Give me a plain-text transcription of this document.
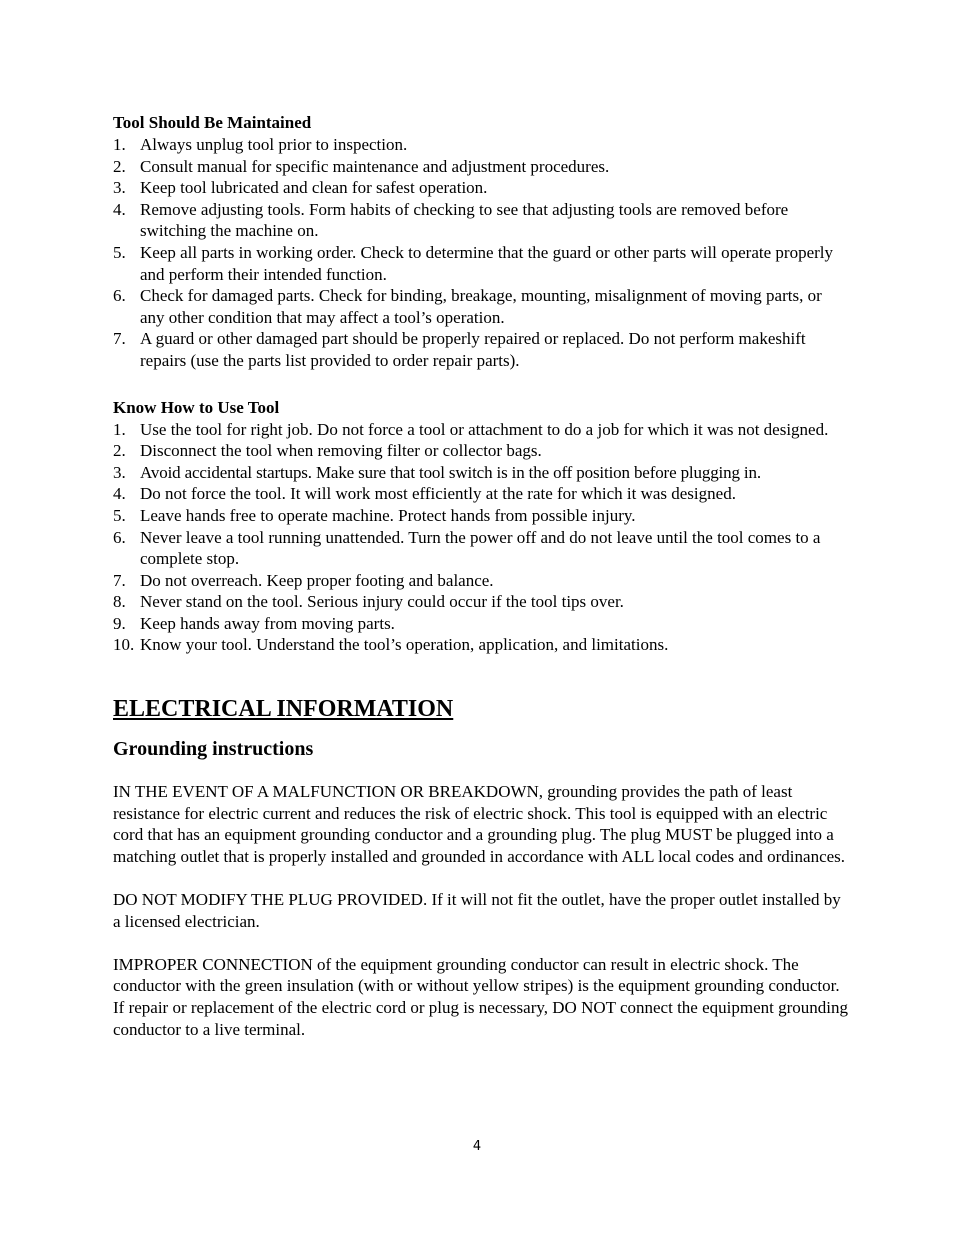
Tool Should Be Maintained
1. Always unplug tool prior to inspection.
2. Consult manual for specific maintenance and adjustment procedures.
3. Keep tool lubricated and clean for safest operation.
4. Remove adjusting tools. Form habits of checking to see that adjusting tools are removed before switching the machine on.
5. Keep all parts in working order. Check to determine that the guard or other parts will operate properly and perform their intended function.
6. Check for damaged parts. Check for binding, breakage, mounting, misalignment of moving parts, or any other condition that may affect a tool’s operation.
7. A guard or other damaged part should be properly repaired or replaced. Do not perform makeshift repairs (use the parts list provided to order repair parts).
Know How to Use Tool
1. Use the tool for right job. Do not force a tool or attachment to do a job for which it was not designed.
2. Disconnect the tool when removing filter or collector bags.
3. Avoid accidental startups. Make sure that tool switch is in the off position before plugging in.
4. Do not force the tool. It will work most efficiently at the rate for which it was designed.
5. Leave hands free to operate machine. Protect hands from possible injury.
6. Never leave a tool running unattended. Turn the power off and do not leave until the tool comes to a complete stop.
7. Do not overreach. Keep proper footing and balance.
8. Never stand on the tool. Serious injury could occur if the tool tips over.
9. Keep hands away from moving parts.
10. Know your tool. Understand the tool’s operation, application, and limitations.
ELECTRICAL INFORMATION
Grounding instructions

IN THE EVENT OF A MALFUNCTION OR BREAKDOWN, grounding provides the path of least resistance for electric current and reduces the risk of electric shock. This tool is equipped with an electric cord that has an equipment grounding conductor and a grounding plug. The plug MUST be plugged into a matching outlet that is properly installed and grounded in accordance with ALL local codes and ordinances.

DO NOT MODIFY THE PLUG PROVIDED. If it will not fit the outlet, have the proper outlet installed by a licensed electrician.

IMPROPER CONNECTION of the equipment grounding conductor can result in electric shock. The conductor with the green insulation (with or without yellow stripes) is the equipment grounding conductor. If repair or replacement of the electric cord or plug is necessary, DO NOT connect the equipment grounding conductor to a live terminal.

4
